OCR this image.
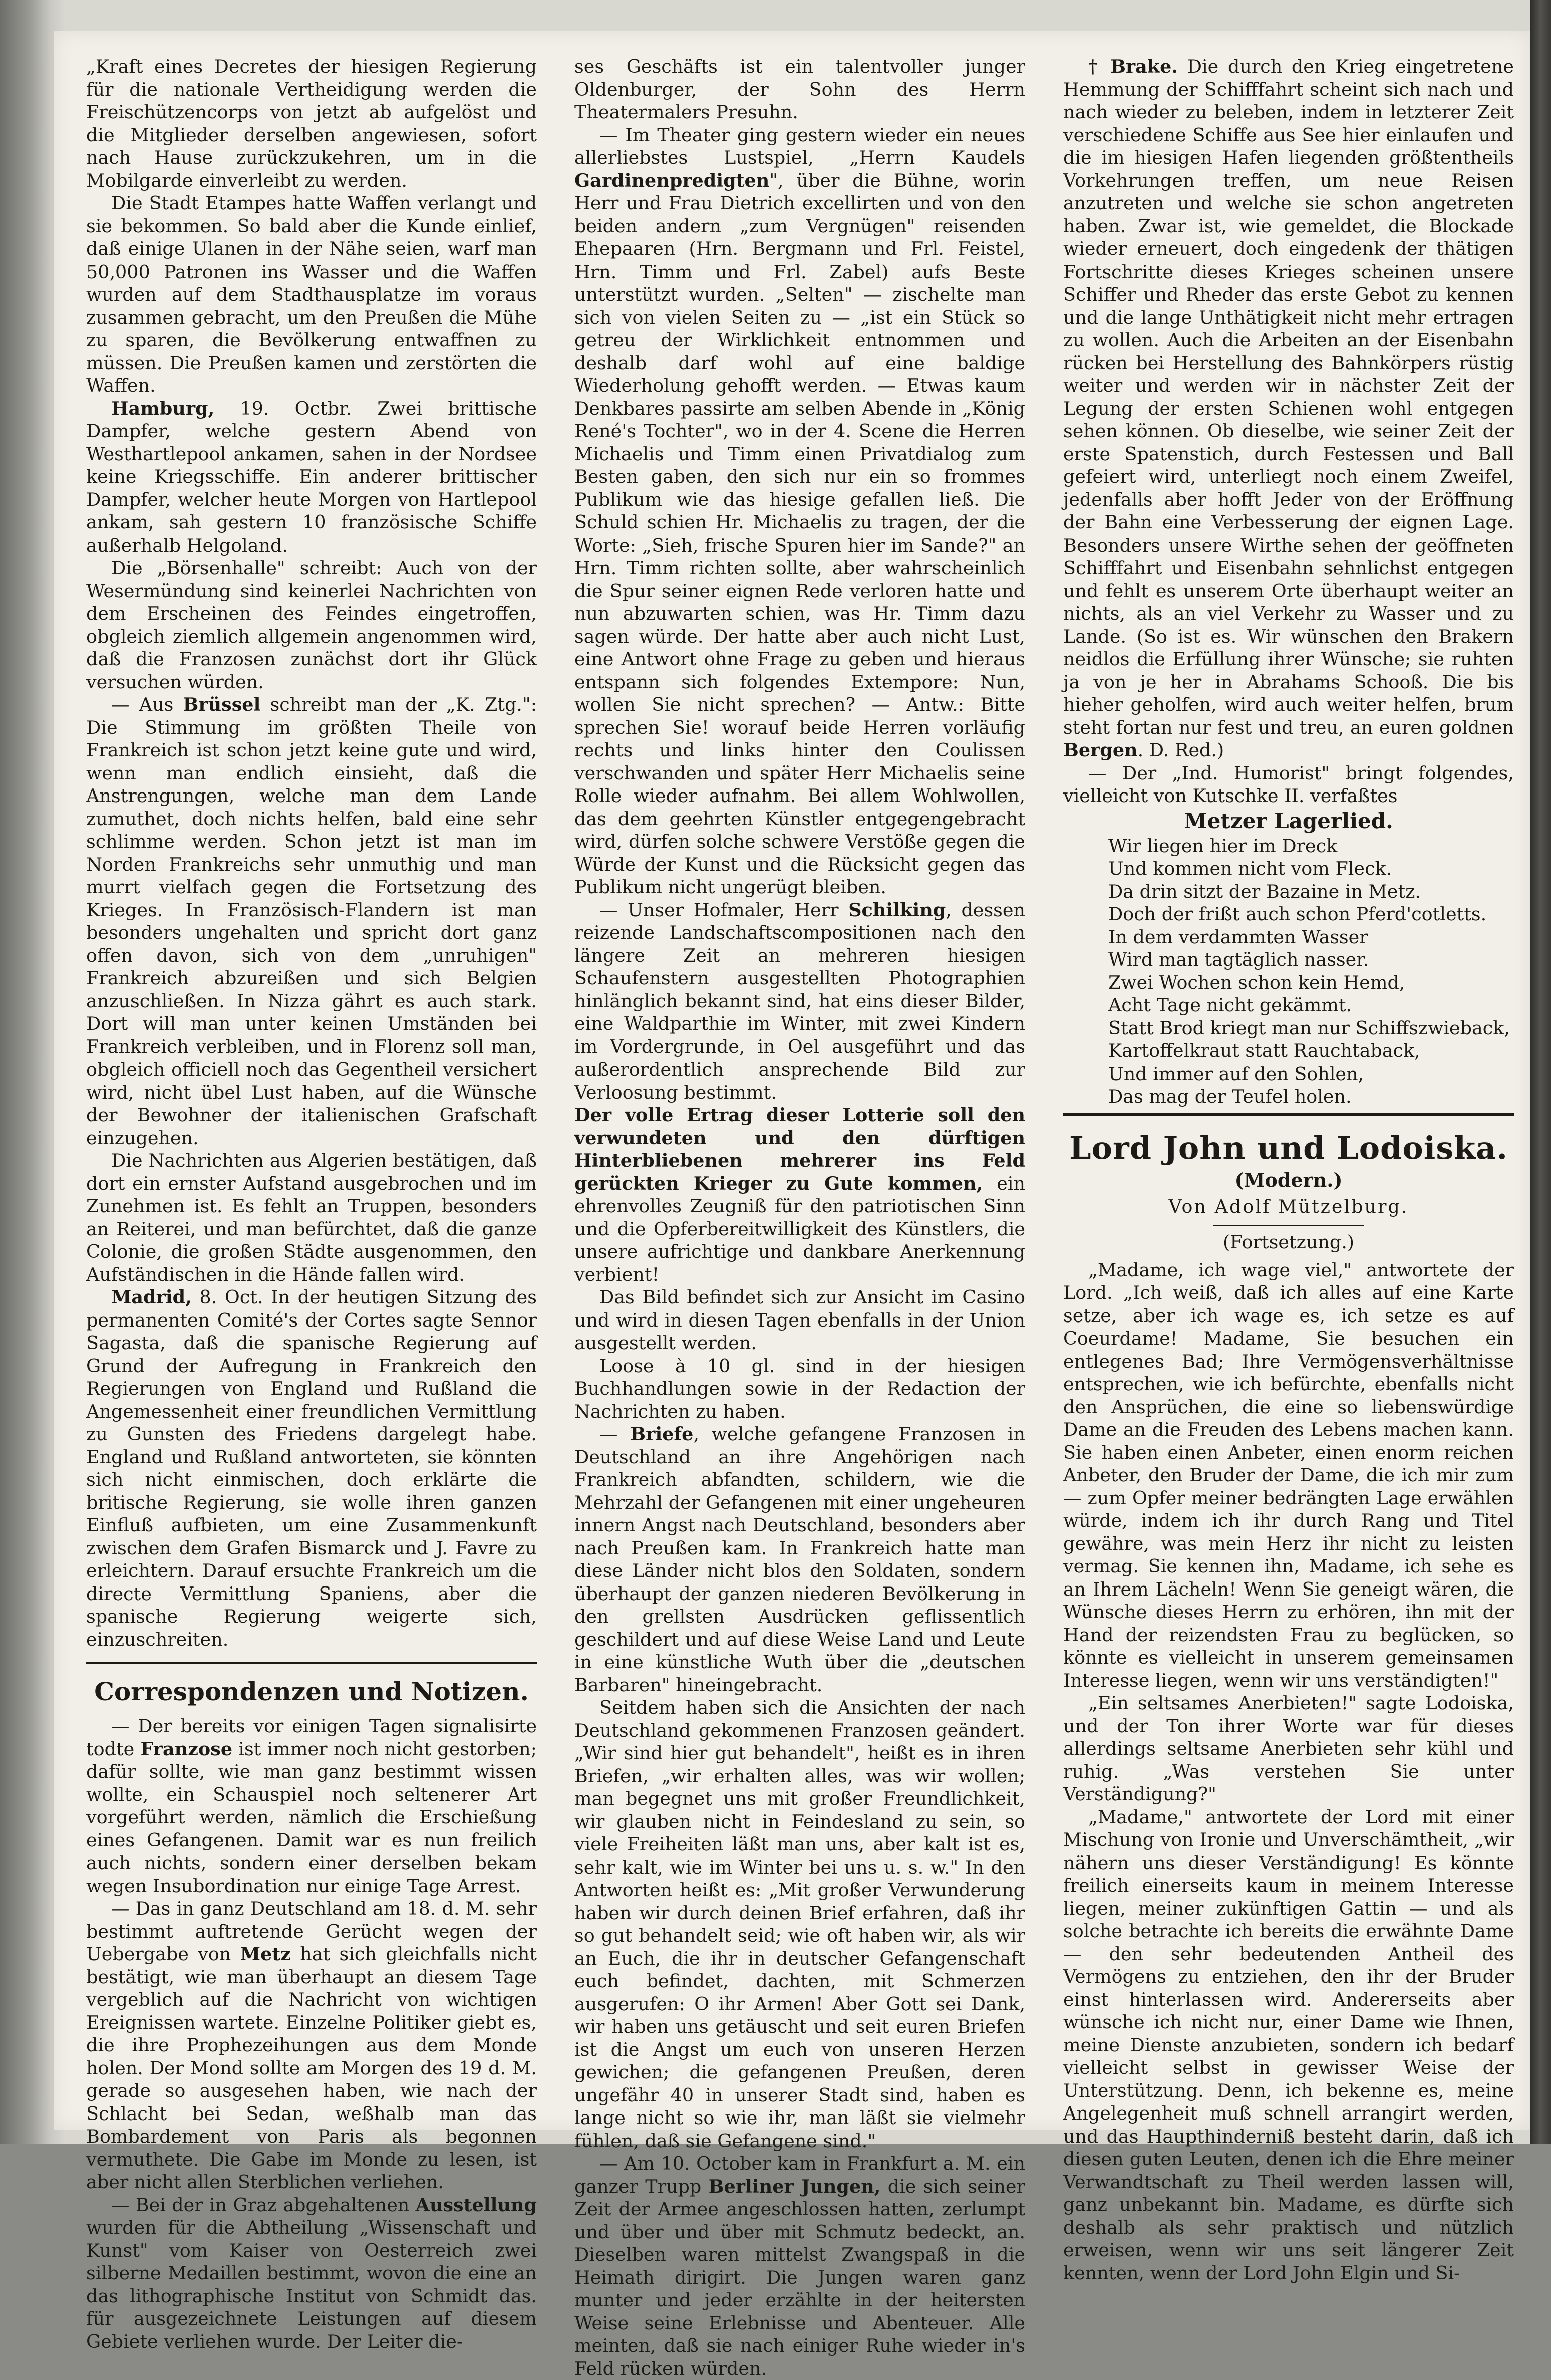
„Kraft eines Decretes der hiesigen Regierung für die nationale Vertheidigung werden die Freischützencorps von jetzt ab aufgelöst und die Mitglieder derselben angewiesen, sofort nach Hause zurückzukehren, um in die Mobilgarde einverleibt zu werden.

Die Stadt Etampes hatte Waffen verlangt und sie bekommen. So bald aber die Kunde einlief, daß einige Ulanen in der Nähe seien, warf man 50,000 Patronen ins Wasser und die Waffen wurden auf dem Stadthausplatze im voraus zusammen gebracht, um den Preußen die Mühe zu sparen, die Bevölkerung entwaffnen zu müssen. Die Preußen kamen und zerstörten die Waffen.

Hamburg, 19. Octbr. Zwei brittische Dampfer, welche gestern Abend von Westhartlepool ankamen, sahen in der Nordsee keine Kriegsschiffe. Ein anderer brittischer Dampfer, welcher heute Morgen von Hartlepool ankam, sah gestern 10 französische Schiffe außerhalb Helgoland.

Die „Börsenhalle" schreibt: Auch von der Wesermündung sind keinerlei Nachrichten von dem Erscheinen des Feindes eingetroffen, obgleich ziemlich allgemein angenommen wird, daß die Franzosen zunächst dort ihr Glück versuchen würden.

— Aus Brüssel schreibt man der „K. Ztg.": Die Stimmung im größten Theile von Frankreich ist schon jetzt keine gute und wird, wenn man endlich einsieht, daß die Anstrengungen, welche man dem Lande zumuthet, doch nichts helfen, bald eine sehr schlimme werden. Schon jetzt ist man im Norden Frankreichs sehr unmuthig und man murrt vielfach gegen die Fortsetzung des Krieges. In Französisch-Flandern ist man besonders ungehalten und spricht dort ganz offen davon, sich von dem „unruhigen" Frankreich abzureißen und sich Belgien anzuschließen. In Nizza gährt es auch stark. Dort will man unter keinen Umständen bei Frankreich verbleiben, und in Florenz soll man, obgleich officiell noch das Gegentheil versichert wird, nicht übel Lust haben, auf die Wünsche der Bewohner der italienischen Grafschaft einzugehen.

Die Nachrichten aus Algerien bestätigen, daß dort ein ernster Aufstand ausgebrochen und im Zunehmen ist. Es fehlt an Truppen, besonders an Reiterei, und man befürchtet, daß die ganze Colonie, die großen Städte ausgenommen, den Aufständischen in die Hände fallen wird.

Madrid, 8. Oct. In der heutigen Sitzung des permanenten Comité's der Cortes sagte Sennor Sagasta, daß die spanische Regierung auf Grund der Aufregung in Frankreich den Regierungen von England und Rußland die Angemessenheit einer freundlichen Vermittlung zu Gunsten des Friedens dargelegt habe. England und Rußland antworteten, sie könnten sich nicht einmischen, doch erklärte die britische Regierung, sie wolle ihren ganzen Einfluß aufbieten, um eine Zusammenkunft zwischen dem Grafen Bismarck und J. Favre zu erleichtern. Darauf ersuchte Frankreich um die directe Vermittlung Spaniens, aber die spanische Regierung weigerte sich, einzuschreiten.

Correspondenzen und Notizen.

— Der bereits vor einigen Tagen signalisirte todte Franzose ist immer noch nicht gestorben; dafür sollte, wie man ganz bestimmt wissen wollte, ein Schauspiel noch seltenerer Art vorgeführt werden, nämlich die Erschießung eines Gefangenen. Damit war es nun freilich auch nichts, sondern einer derselben bekam wegen Insubordination nur einige Tage Arrest.

— Das in ganz Deutschland am 18. d. M. sehr bestimmt auftretende Gerücht wegen der Uebergabe von Metz hat sich gleichfalls nicht bestätigt, wie man überhaupt an diesem Tage vergeblich auf die Nachricht von wichtigen Ereignissen wartete. Einzelne Politiker giebt es, die ihre Prophezeihungen aus dem Monde holen. Der Mond sollte am Morgen des 19 d. M. gerade so ausgesehen haben, wie nach der Schlacht bei Sedan, weßhalb man das Bombardement von Paris als begonnen vermuthete. Die Gabe im Monde zu lesen, ist aber nicht allen Sterblichen verliehen.

— Bei der in Graz abgehaltenen Ausstellung wurden für die Abtheilung „Wissenschaft und Kunst" vom Kaiser von Oesterreich zwei silberne Medaillen bestimmt, wovon die eine an das lithographische Institut von Schmidt das. für ausgezeichnete Leistungen auf diesem Gebiete verliehen wurde. Der Leiter die-

ses Geschäfts ist ein talentvoller junger Oldenburger, der Sohn des Herrn Theatermalers Presuhn.

— Im Theater ging gestern wieder ein neues allerliebstes Lustspiel, „Herrn Kaudels Gardinenpredigten", über die Bühne, worin Herr und Frau Dietrich excellirten und von den beiden andern „zum Vergnügen" reisenden Ehepaaren (Hrn. Bergmann und Frl. Feistel, Hrn. Timm und Frl. Zabel) aufs Beste unterstützt wurden. „Selten" — zischelte man sich von vielen Seiten zu — „ist ein Stück so getreu der Wirklichkeit entnommen und deshalb darf wohl auf eine baldige Wiederholung gehofft werden. — Etwas kaum Denkbares passirte am selben Abende in „König René's Tochter", wo in der 4. Scene die Herren Michaelis und Timm einen Privatdialog zum Besten gaben, den sich nur ein so frommes Publikum wie das hiesige gefallen ließ. Die Schuld schien Hr. Michaelis zu tragen, der die Worte: „Sieh, frische Spuren hier im Sande?" an Hrn. Timm richten sollte, aber wahrscheinlich die Spur seiner eignen Rede verloren hatte und nun abzuwarten schien, was Hr. Timm dazu sagen würde. Der hatte aber auch nicht Lust, eine Antwort ohne Frage zu geben und hieraus entspann sich folgendes Extempore: Nun, wollen Sie nicht sprechen? — Antw.: Bitte sprechen Sie! worauf beide Herren vorläufig rechts und links hinter den Coulissen verschwanden und später Herr Michaelis seine Rolle wieder aufnahm. Bei allem Wohlwollen, das dem geehrten Künstler entgegengebracht wird, dürfen solche schwere Verstöße gegen die Würde der Kunst und die Rücksicht gegen das Publikum nicht ungerügt bleiben.

— Unser Hofmaler, Herr Schilking, dessen reizende Landschaftscompositionen nach den längere Zeit an mehreren hiesigen Schaufenstern ausgestellten Photographien hinlänglich bekannt sind, hat eins dieser Bilder, eine Waldparthie im Winter, mit zwei Kindern im Vordergrunde, in Oel ausgeführt und das außerordentlich ansprechende Bild zur Verloosung bestimmt.

Der volle Ertrag dieser Lotterie soll den verwundeten und den dürftigen Hinterbliebenen mehrerer ins Feld gerückten Krieger zu Gute kommen, ein ehrenvolles Zeugniß für den patriotischen Sinn und die Opferbereitwilligkeit des Künstlers, die unsere aufrichtige und dankbare Anerkennung verbient!

Das Bild befindet sich zur Ansicht im Casino und wird in diesen Tagen ebenfalls in der Union ausgestellt werden.

Loose à 10 gl. sind in der hiesigen Buchhandlungen sowie in der Redaction der Nachrichten zu haben.

— Briefe, welche gefangene Franzosen in Deutschland an ihre Angehörigen nach Frankreich abfandten, schildern, wie die Mehrzahl der Gefangenen mit einer ungeheuren innern Angst nach Deutschland, besonders aber nach Preußen kam. In Frankreich hatte man diese Länder nicht blos den Soldaten, sondern überhaupt der ganzen niederen Bevölkerung in den grellsten Ausdrücken geflissentlich geschildert und auf diese Weise Land und Leute in eine künstliche Wuth über die „deutschen Barbaren" hineingebracht.

Seitdem haben sich die Ansichten der nach Deutschland gekommenen Franzosen geändert. „Wir sind hier gut behandelt", heißt es in ihren Briefen, „wir erhalten alles, was wir wollen; man begegnet uns mit großer Freundlichkeit, wir glauben nicht in Feindesland zu sein, so viele Freiheiten läßt man uns, aber kalt ist es, sehr kalt, wie im Winter bei uns u. s. w." In den Antworten heißt es: „Mit großer Verwunderung haben wir durch deinen Brief erfahren, daß ihr so gut behandelt seid; wie oft haben wir, als wir an Euch, die ihr in deutscher Gefangenschaft euch befindet, dachten, mit Schmerzen ausgerufen: O ihr Armen! Aber Gott sei Dank, wir haben uns getäuscht und seit euren Briefen ist die Angst um euch von unseren Herzen gewichen; die gefangenen Preußen, deren ungefähr 40 in unserer Stadt sind, haben es lange nicht so wie ihr, man läßt sie vielmehr fühlen, daß sie Gefangene sind."

— Am 10. October kam in Frankfurt a. M. ein ganzer Trupp Berliner Jungen, die sich seiner Zeit der Armee angeschlossen hatten, zerlumpt und über und über mit Schmutz bedeckt, an. Dieselben waren mittelst Zwangspaß in die Heimath dirigirt. Die Jungen waren ganz munter und jeder erzählte in der heitersten Weise seine Erlebnisse und Abenteuer. Alle meinten, daß sie nach einiger Ruhe wieder in's Feld rücken würden.

† Brake. Die durch den Krieg eingetretene Hemmung der Schifffahrt scheint sich nach und nach wieder zu beleben, indem in letzterer Zeit verschiedene Schiffe aus See hier einlaufen und die im hiesigen Hafen liegenden größtentheils Vorkehrungen treffen, um neue Reisen anzutreten und welche sie schon angetreten haben. Zwar ist, wie gemeldet, die Blockade wieder erneuert, doch eingedenk der thätigen Fortschritte dieses Krieges scheinen unsere Schiffer und Rheder das erste Gebot zu kennen und die lange Unthätigkeit nicht mehr ertragen zu wollen. Auch die Arbeiten an der Eisenbahn rücken bei Herstellung des Bahnkörpers rüstig weiter und werden wir in nächster Zeit der Legung der ersten Schienen wohl entgegen sehen können. Ob dieselbe, wie seiner Zeit der erste Spatenstich, durch Festessen und Ball gefeiert wird, unterliegt noch einem Zweifel, jedenfalls aber hofft Jeder von der Eröffnung der Bahn eine Verbesserung der eignen Lage. Besonders unsere Wirthe sehen der geöffneten Schifffahrt und Eisenbahn sehnlichst entgegen und fehlt es unserem Orte überhaupt weiter an nichts, als an viel Verkehr zu Wasser und zu Lande. (So ist es. Wir wünschen den Brakern neidlos die Erfüllung ihrer Wünsche; sie ruhten ja von je her in Abrahams Schooß. Die bis hieher geholfen, wird auch weiter helfen, brum steht fortan nur fest und treu, an euren goldnen Bergen. D. Red.)

— Der „Ind. Humorist" bringt folgendes, vielleicht von Kutschke II. verfaßtes

Metzer Lagerlied.

Wir liegen hier im Dreck
Und kommen nicht vom Fleck.
Da drin sitzt der Bazaine in Metz.
Doch der frißt auch schon Pferd'cotletts.
In dem verdammten Wasser
Wird man tagtäglich nasser.
Zwei Wochen schon kein Hemd,
Acht Tage nicht gekämmt.
Statt Brod kriegt man nur Schiffszwieback,
Kartoffelkraut statt Rauchtaback,
Und immer auf den Sohlen,
Das mag der Teufel holen.

Lord John und Lodoiska.

(Modern.)

Von Adolf Mützelburg.

(Fortsetzung.)

„Madame, ich wage viel," antwortete der Lord. „Ich weiß, daß ich alles auf eine Karte setze, aber ich wage es, ich setze es auf Coeurdame! Madame, Sie besuchen ein entlegenes Bad; Ihre Vermögensverhältnisse entsprechen, wie ich befürchte, ebenfalls nicht den Ansprüchen, die eine so liebenswürdige Dame an die Freuden des Lebens machen kann. Sie haben einen Anbeter, einen enorm reichen Anbeter, den Bruder der Dame, die ich mir zum — zum Opfer meiner bedrängten Lage erwählen würde, indem ich ihr durch Rang und Titel gewähre, was mein Herz ihr nicht zu leisten vermag. Sie kennen ihn, Madame, ich sehe es an Ihrem Lächeln! Wenn Sie geneigt wären, die Wünsche dieses Herrn zu erhören, ihn mit der Hand der reizendsten Frau zu beglücken, so könnte es vielleicht in unserem gemeinsamen Interesse liegen, wenn wir uns verständigten!"

„Ein seltsames Anerbieten!" sagte Lodoiska, und der Ton ihrer Worte war für dieses allerdings seltsame Anerbieten sehr kühl und ruhig. „Was verstehen Sie unter Verständigung?"

„Madame," antwortete der Lord mit einer Mischung von Ironie und Unverschämtheit, „wir nähern uns dieser Verständigung! Es könnte freilich einerseits kaum in meinem Interesse liegen, meiner zukünftigen Gattin — und als solche betrachte ich bereits die erwähnte Dame — den sehr bedeutenden Antheil des Vermögens zu entziehen, den ihr der Bruder einst hinterlassen wird. Andererseits aber wünsche ich nicht nur, einer Dame wie Ihnen, meine Dienste anzubieten, sondern ich bedarf vielleicht selbst in gewisser Weise der Unterstützung. Denn, ich bekenne es, meine Angelegenheit muß schnell arrangirt werden, und das Haupthinderniß besteht darin, daß ich diesen guten Leuten, denen ich die Ehre meiner Verwandtschaft zu Theil werden lassen will, ganz unbekannt bin. Madame, es dürfte sich deshalb als sehr praktisch und nützlich erweisen, wenn wir uns seit längerer Zeit kennten, wenn der Lord John Elgin und Si-
